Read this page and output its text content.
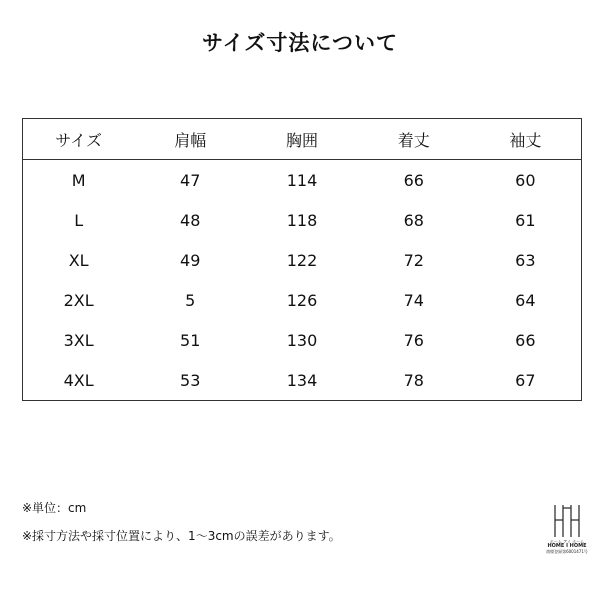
サイズ寸法について
サイズ	肩幅	胸囲	着丈	袖丈
M	47	114	66	60
L	48	118	68	61
XL	49	122	72	63
2XL	5	126	74	64
3XL	51	130	76	66
4XL	53	134	78	67
※単位：cm
※採寸方法や採寸位置により、1～3cmの誤差があります。	ホーム アイ ホーム
HOME I HOME
商標登録第6001471号
